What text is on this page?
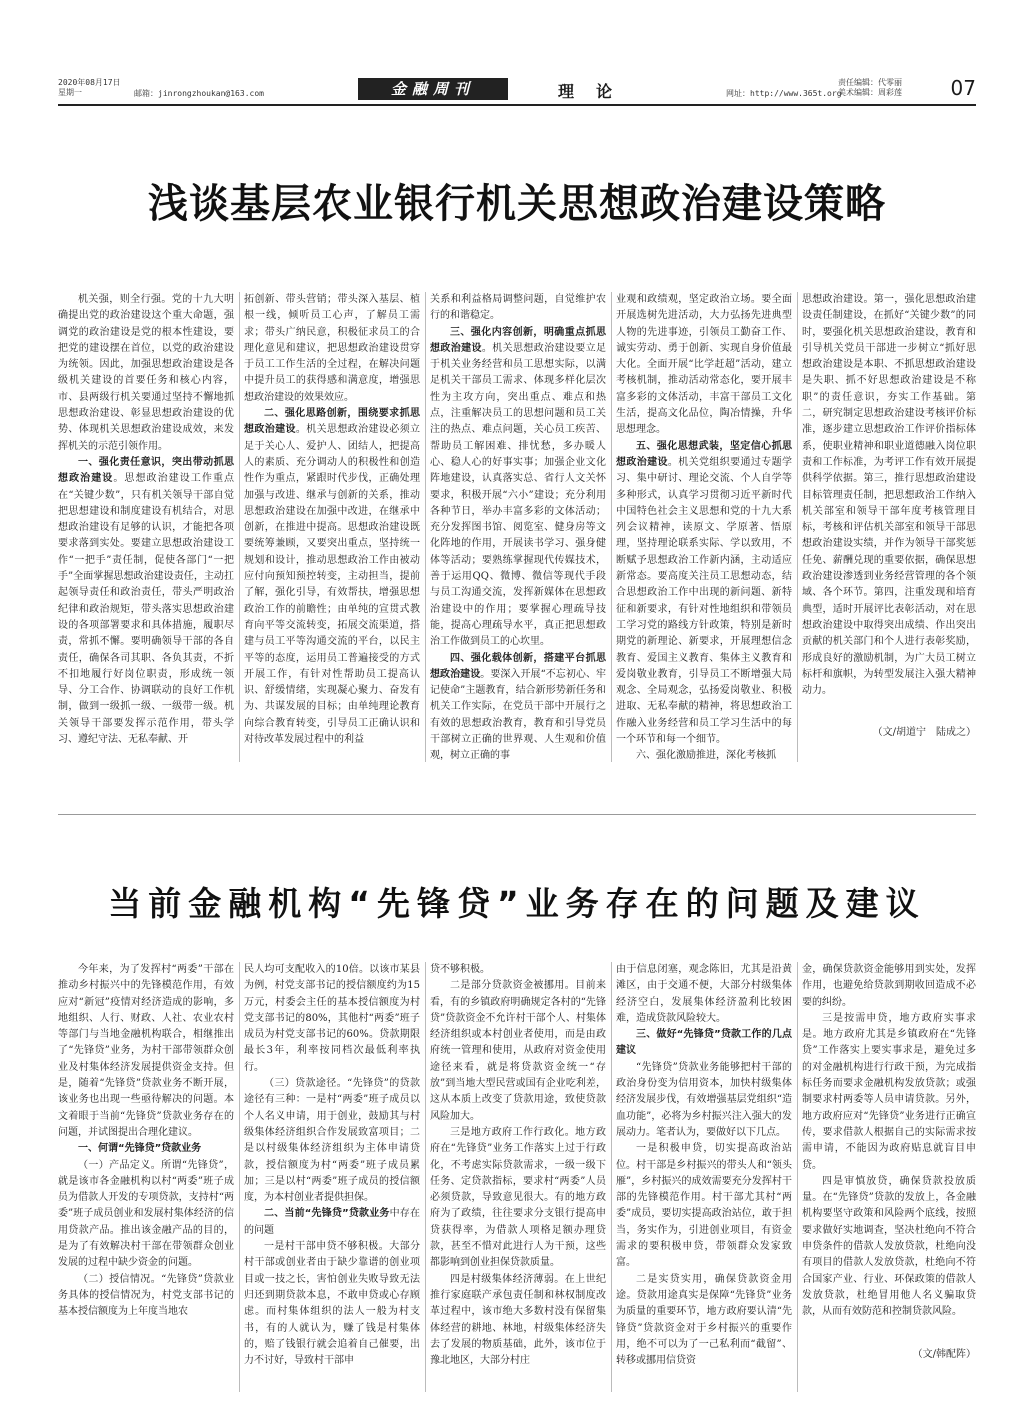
2020年08月17日
星期一	邮箱：jinrongzhoukan@163.com	金融周刊	理论	网址：http://www.365t.org
责任编辑：代零丽
美术编辑：周彩莲 07
浅谈基层农业银行机关思想政治建设策略

机关强，则全行强。党的十九大明确提出党的政治建设这个重大命题，强调党的政治建设是党的根本性建设，要把党的建设摆在首位，以党的政治建设为统领。因此，加强思想政治建设是各级机关建设的首要任务和核心内容，市、县两级行机关要通过坚持不懈地抓思想政治建设、彰显思想政治建设的优势、体现机关思想政治建设成效，来发挥机关的示范引领作用。

一、强化责任意识，突出带动抓思想政治建设。思想政治建设工作重点在“关键少数”，只有机关领导干部自觉把思想建设和制度建设有机结合，对思想政治建设有足够的认识，才能把各项要求落到实处。要建立思想政治建设工作“一把手”责任制，促使各部门“一把手”全面掌握思想政治建设责任，主动扛起领导责任和政治责任，带头严明政治纪律和政治规矩，带头落实思想政治建设的各项部署要求和具体措施，履职尽责，常抓不懈。要明确领导干部的各自责任，确保各司其职、各负其责，不折不扣地履行好岗位职责，形成统一领导、分工合作、协调联动的良好工作机制，做到一级抓一级、一级带一级。机关领导干部要发挥示范作用，带头学习、遵纪守法、无私奉献、开

拓创新、带头营销；带头深入基层、植根一线，倾听员工心声，了解员工需求；带头广纳民意，积极征求员工的合理化意见和建议，把思想政治建设贯穿于员工工作生活的全过程，在解决问题中提升员工的获得感和满意度，增强思想政治建设的效果效应。

二、强化思路创新，围绕要求抓思想政治建设。机关思想政治建设必须立足于关心人、爱护人、团结人，把提高人的素质、充分调动人的积极性和创造性作为重点，紧跟时代步伐，正确处理加强与改进、继承与创新的关系，推动思想政治建设在加强中改进，在继承中创新，在推进中提高。思想政治建设既要统筹兼顾，又要突出重点，坚持统一规划和设计，推动思想政治工作由被动应付向预知预控转变，主动担当，提前了解，强化引导，有效帮扶，增强思想政治工作的前瞻性；由单纯的宣贯式教育向平等交流转变，拓展交流渠道，搭建与员工平等沟通交流的平台，以民主平等的态度，运用员工普遍接受的方式开展工作，有针对性帮助员工提高认识、舒缓情绪，实现凝心聚力、奋发有为、共谋发展的目标；由单纯理论教育向综合教育转变，引导员工正确认识和对待改革发展过程中的利益

关系和利益格局调整问题，自觉维护农行的和谐稳定。

三、强化内容创新，明确重点抓思想政治建设。机关思想政治建设要立足于机关业务经营和员工思想实际，以满足机关干部员工需求、体现多样化层次性为主攻方向，突出重点、难点和热点，注重解决员工的思想问题和员工关注的热点、难点问题，关心员工疾苦、帮助员工解困难、排忧愁，多办暖人心、稳人心的好事实事；加强企业文化阵地建设，认真落实总、省行人文关怀要求，积极开展“六小”建设；充分利用各种节日，举办丰富多彩的文体活动；充分发挥图书馆、阅览室、健身房等文化阵地的作用，开展读书学习、强身健体等活动；要熟练掌握现代传媒技术，善于运用QQ、微博、微信等现代手段与员工沟通交流，发挥新媒体在思想政治建设中的作用；要掌握心理疏导技能，提高心理疏导水平，真正把思想政治工作做到员工的心坎里。

四、强化载体创新，搭建平台抓思想政治建设。要深入开展“不忘初心、牢记使命”主题教育，结合新形势新任务和机关工作实际，在党员干部中开展行之有效的思想政治教育，教育和引导党员干部树立正确的世界观、人生观和价值观，树立正确的事

业观和政绩观，坚定政治立场。要全面开展选树先进活动，大力弘扬先进典型人物的先进事迹，引领员工勤奋工作、诚实劳动、勇于创新、实现自身价值最大化。全面开展“比学赶超”活动，建立考核机制，推动活动常态化，要开展丰富多彩的文体活动，丰富干部员工文化生活，提高文化品位，陶冶情操，升华思想理念。

五、强化思想武装，坚定信心抓思想政治建设。机关党组织要通过专题学习、集中研讨、理论交流、个人自学等多种形式，认真学习贯彻习近平新时代中国特色社会主义思想和党的十九大系列会议精神，读原文、学原著、悟原理，坚持理论联系实际、学以致用，不断赋予思想政治工作新内涵，主动适应新常态。要高度关注员工思想动态，结合思想政治工作中出现的新问题、新特征和新要求，有针对性地组织和带领员工学习党的路线方针政策，特别是新时期党的新理论、新要求，开展理想信念教育、爱国主义教育、集体主义教育和爱岗敬业教育，引导员工不断增强大局观念、全局观念，弘扬爱岗敬业、积极进取、无私奉献的精神，将思想政治工作融入业务经营和员工学习生活中的每一个环节和每一个细节。

六、强化激励推进，深化考核抓

思想政治建设。第一，强化思想政治建设责任制建设，在抓好“关键少数”的同时，要强化机关思想政治建设，教育和引导机关党员干部进一步树立“抓好思想政治建设是本职、不抓思想政治建设是失职、抓不好思想政治建设是不称职”的责任意识，夯实工作基础。第二，研究制定思想政治建设考核评价标准，逐步建立思想政治工作评价指标体系，使职业精神和职业道德融入岗位职责和工作标准，为考评工作有效开展提供科学依据。第三，推行思想政治建设目标管理责任制，把思想政治工作纳入机关部室和领导干部年度考核管理目标，考核和评估机关部室和领导干部思想政治建设实绩，并作为领导干部奖惩任免、薪酬兑现的重要依据，确保思想政治建设渗透到业务经营管理的各个领域、各个环节。第四，注重发现和培育典型，适时开展评比表彰活动，对在思想政治建设中取得突出成绩、作出突出贡献的机关部门和个人进行表彰奖励，形成良好的激励机制，为广大员工树立标杆和旗帜，为转型发展注入强大精神动力。

（文/胡道宁　陆成之）

当前金融机构“先锋贷”业务存在的问题及建议

今年来，为了发挥村“两委”干部在推动乡村振兴中的先锋模范作用，有效应对“新冠”疫情对经济造成的影响，多地组织、人行、财政、人社、农业农村等部门与当地金融机构联合，相继推出了“先锋贷”业务，为村干部带领群众创业及村集体经济发展提供资金支持。但是，随着“先锋贷”贷款业务不断开展，该业务也出现一些亟待解决的问题。本文着眼于当前“先锋贷”贷款业务存在的问题，并试图提出合理化建议。

一、何谓“先锋贷”贷款业务

（一）产品定义。所谓“先锋贷”，就是该市各金融机构以村“两委”班子成员为借款人开发的专项贷款，支持村“两委”班子成员创业和发展村集体经济的信用贷款产品。推出该金融产品的目的，是为了有效解决村干部在带领群众创业发展的过程中缺少资金的问题。

（二）授信情况。“先锋贷”贷款业务具体的授信情况为，村党支部书记的基本授信额度为上年度当地农

民人均可支配收入的10倍。以该市某县为例，村党支部书记的授信额度约为15万元，村委会主任的基本授信额度为村党支部书记的80%，其他村“两委”班子成员为村党支部书记的60%。贷款期限最长3年，利率按同档次最低利率执行。

（三）贷款途径。“先锋贷”的贷款途径有三种：一是村“两委”班子成员以个人名义申请，用于创业，鼓励其与村级集体经济组织合作发展致富项目；二是以村级集体经济组织为主体申请贷款，授信额度为村“两委”班子成员累加；三是以村“两委”班子成员的授信额度，为本村创业者提供担保。

二、当前“先锋贷”贷款业务中存在的问题

一是村干部申贷不够积极。大部分村干部或创业者由于缺少靠谱的创业项目或一技之长，害怕创业失败导致无法归还到期贷款本息，不敢申贷或心存顾虑。而村集体组织的法人一般为村支书，有的人就认为，赚了钱是村集体的，赔了钱银行就会追着自己催要，出力不讨好，导致村干部申

贷不够积极。

二是部分贷款资金被挪用。目前来看，有的乡镇政府明确规定各村的“先锋贷”贷款资金不允许村干部个人、村集体经济组织或本村创业者使用，而是由政府统一管理和使用，从政府对资金使用途径来看，就是将贷款资金统一“存放”到当地大型民营或国有企业吃利差，这从本质上改变了贷款用途，致使贷款风险加大。

三是地方政府工作行政化。地方政府在“先锋贷”业务工作落实上过于行政化，不考虑实际贷款需求，一级一级下任务、定贷款指标，要求村“两委”人员必须贷款，导致意见很大。有的地方政府为了政绩，往往要求分支银行提高申贷获得率，为借款人项格足额办理贷款，甚至不惜对此进行人为干预，这些都影响到创业担保贷款质量。

四是村级集体经济薄弱。在上世纪推行家庭联产承包责任制和林权制度改革过程中，该市绝大多数村没有保留集体经营的耕地、林地，村级集体经济失去了发展的物质基础，此外，该市位于豫北地区，大部分村庄

由于信息闭塞，观念陈旧，尤其是沿黄滩区，由于交通不便，大部分村级集体经济空白，发展集体经济盈利比较困难，造成贷款风险较大。

三、做好“先锋贷”贷款工作的几点建议

“先锋贷”贷款业务能够把村干部的政治身份变为信用资本，加快村级集体经济发展步伐，有效增强基层党组织“造血功能”，必将为乡村振兴注入强大的发展动力。笔者认为，要做好以下几点。

一是积极申贷，切实提高政治站位。村干部是乡村振兴的带头人和“领头雁”，乡村振兴的成效需要充分发挥村干部的先锋模范作用。村干部尤其村“两委”成员，要切实提高政治站位，敢于担当，务实作为，引进创业项目，有资金需求的要积极申贷，带领群众发家致富。

二是实贷实用，确保贷款资金用途。贷款用途真实是保障“先锋贷”业务为质量的重要环节，地方政府要认清“先锋贷”贷款资金对于乡村振兴的重要作用，绝不可以为了一己私利而“截留”、转移或挪用信贷资

金，确保贷款资金能够用到实处，发挥作用，也避免给贷款到期收回造成不必要的纠纷。

三是按需申贷，地方政府实事求是。地方政府尤其是乡镇政府在“先锋贷”工作落实上要实事求是，避免过多的对金融机构进行行政干预，为完成指标任务而要求金融机构发放贷款；或强制要求村两委等人员申请贷款。另外，地方政府应对“先锋贷”业务进行正确宣传，要求借款人根据自己的实际需求按需申请，不能因为政府贴息就盲目申贷。

四是审慎放贷，确保贷款投放质量。在“先锋贷”贷款的发放上，各金融机构要坚守政策和风险两个底线，按照要求做好实地调查，坚决杜绝向不符合申贷条件的借款人发放贷款，杜绝向没有项目的借款人发放贷款，杜绝向不符合国家产业、行业、环保政策的借款人发放贷款，杜绝冒用他人名义骗取贷款，从而有效防范和控制贷款风险。

（文/韩配阵）
